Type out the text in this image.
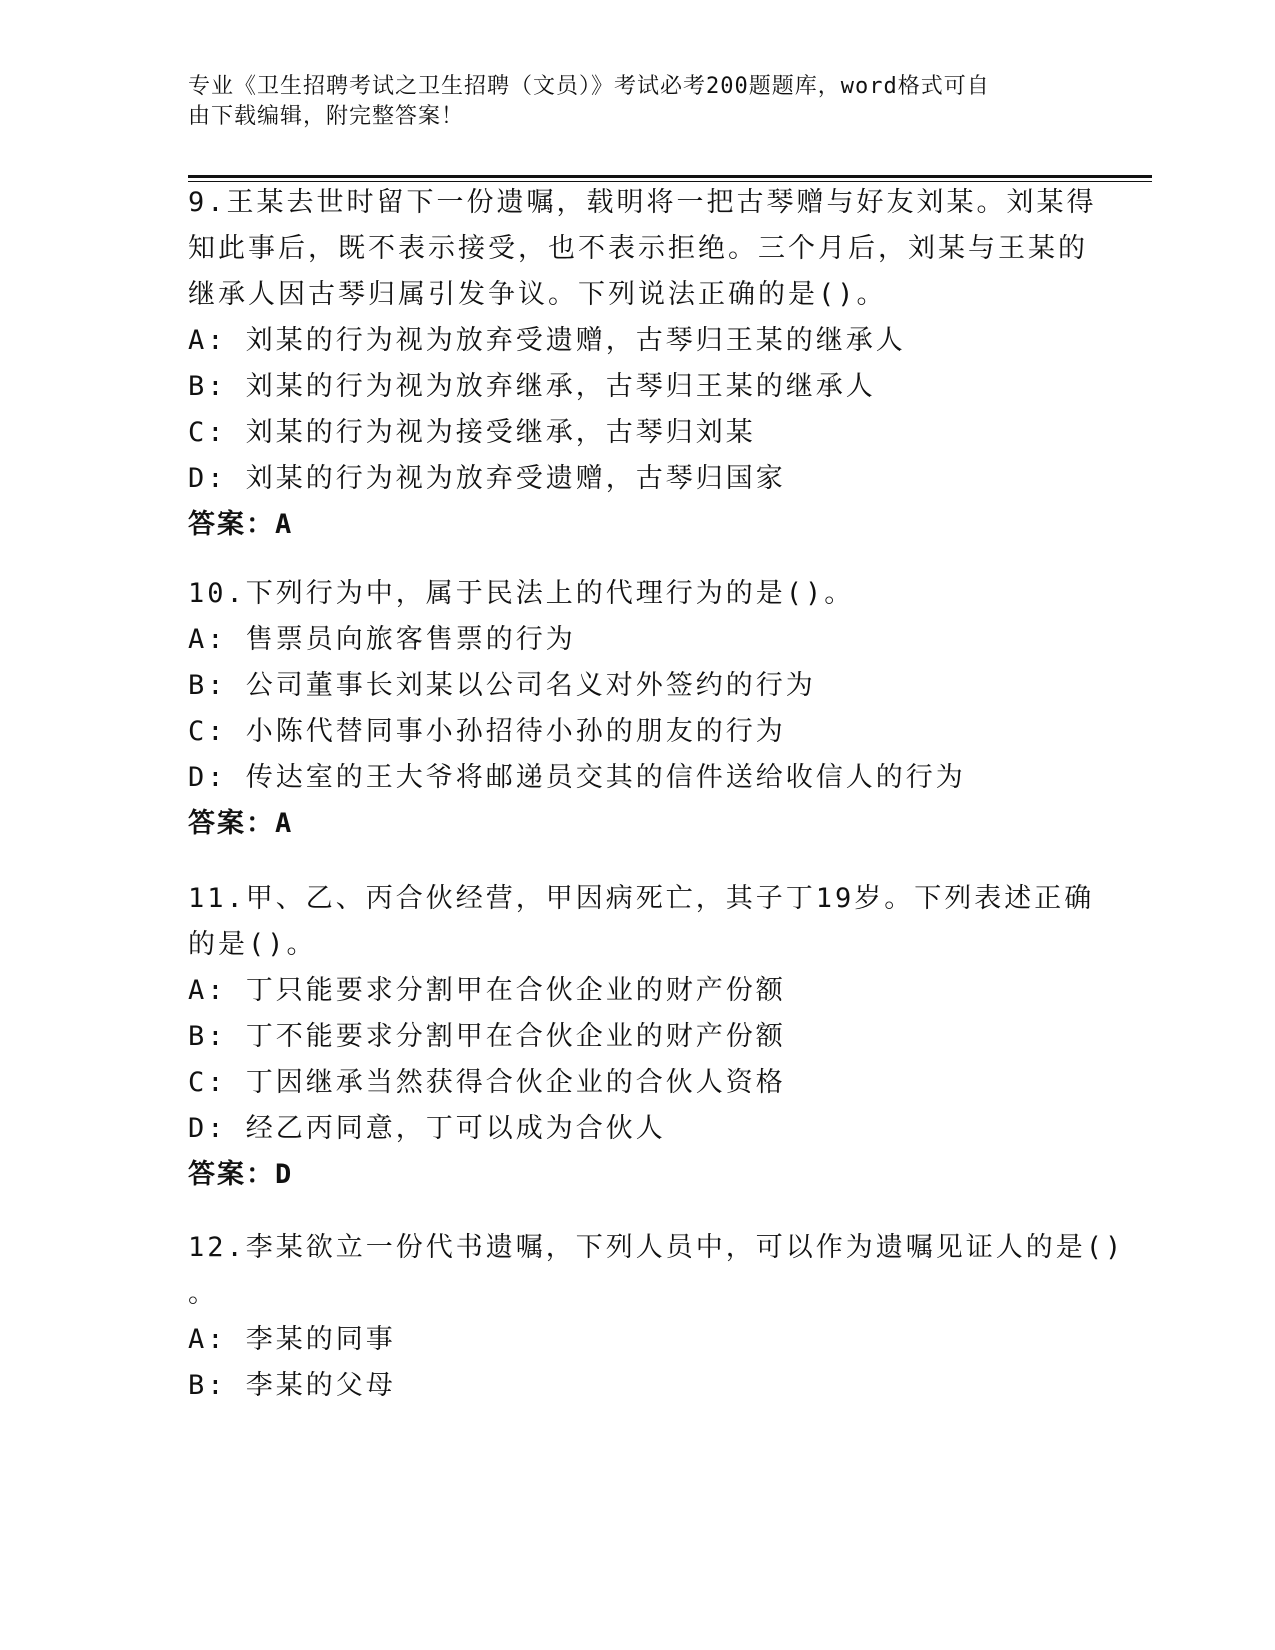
专业《卫生招聘考试之卫生招聘（文员）》考试必考200题题库，word格式可自
由下载编辑，附完整答案！
9.王某去世时留下一份遗嘱，载明将一把古琴赠与好友刘某。刘某得
知此事后，既不表示接受，也不表示拒绝。三个月后，刘某与王某的
继承人因古琴归属引发争议。下列说法正确的是()。
A: 刘某的行为视为放弃受遗赠，古琴归王某的继承人
B: 刘某的行为视为放弃继承，古琴归王某的继承人
C: 刘某的行为视为接受继承，古琴归刘某
D: 刘某的行为视为放弃受遗赠，古琴归国家
答案：A
10.下列行为中，属于民法上的代理行为的是()。
A: 售票员向旅客售票的行为
B: 公司董事长刘某以公司名义对外签约的行为
C: 小陈代替同事小孙招待小孙的朋友的行为
D: 传达室的王大爷将邮递员交其的信件送给收信人的行为
答案：A
11.甲、乙、丙合伙经营，甲因病死亡，其子丁19岁。下列表述正确
的是()。
A: 丁只能要求分割甲在合伙企业的财产份额
B: 丁不能要求分割甲在合伙企业的财产份额
C: 丁因继承当然获得合伙企业的合伙人资格
D: 经乙丙同意，丁可以成为合伙人
答案：D
12.李某欲立一份代书遗嘱，下列人员中，可以作为遗嘱见证人的是()
。
A: 李某的同事
B: 李某的父母
